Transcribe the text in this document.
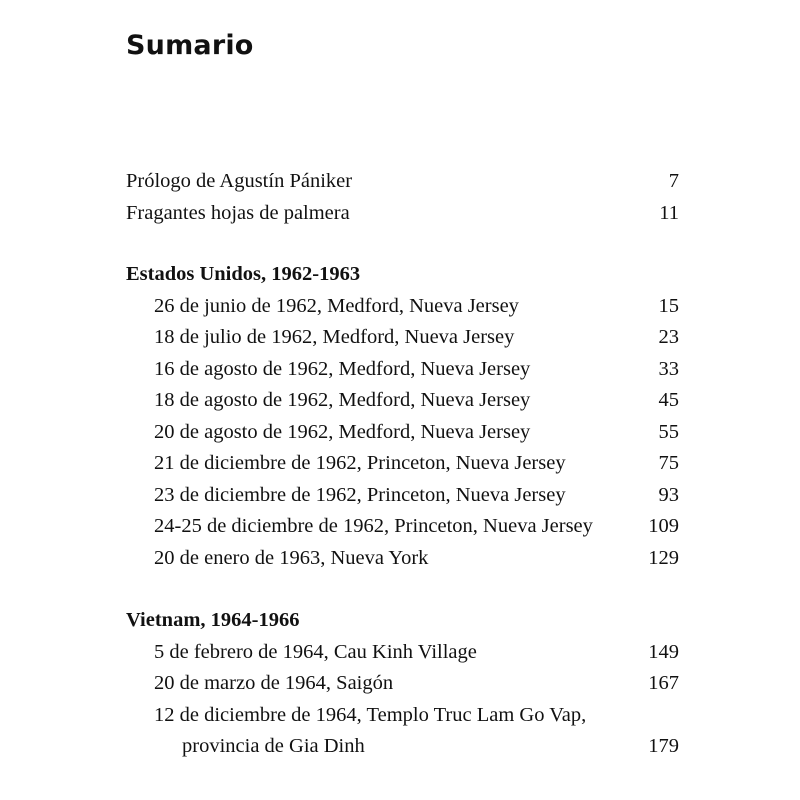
Sumario
Prólogo de Agustín Pániker	7
Fragantes hojas de palmera	11
Estados Unidos, 1962-1963
26 de junio de 1962, Medford, Nueva Jersey	15
18 de julio de 1962, Medford, Nueva Jersey	23
16 de agosto de 1962, Medford, Nueva Jersey	33
18 de agosto de 1962, Medford, Nueva Jersey	45
20 de agosto de 1962, Medford, Nueva Jersey	55
21 de diciembre de 1962, Princeton, Nueva Jersey	75
23 de diciembre de 1962, Princeton, Nueva Jersey	93
24-25 de diciembre de 1962, Princeton, Nueva Jersey	109
20 de enero de 1963, Nueva York	129
Vietnam, 1964-1966
5 de febrero de 1964, Cau Kinh Village	149
20 de marzo de 1964, Saigón	167
12 de diciembre de 1964, Templo Truc Lam Go Vap,
provincia de Gia Dinh	179
